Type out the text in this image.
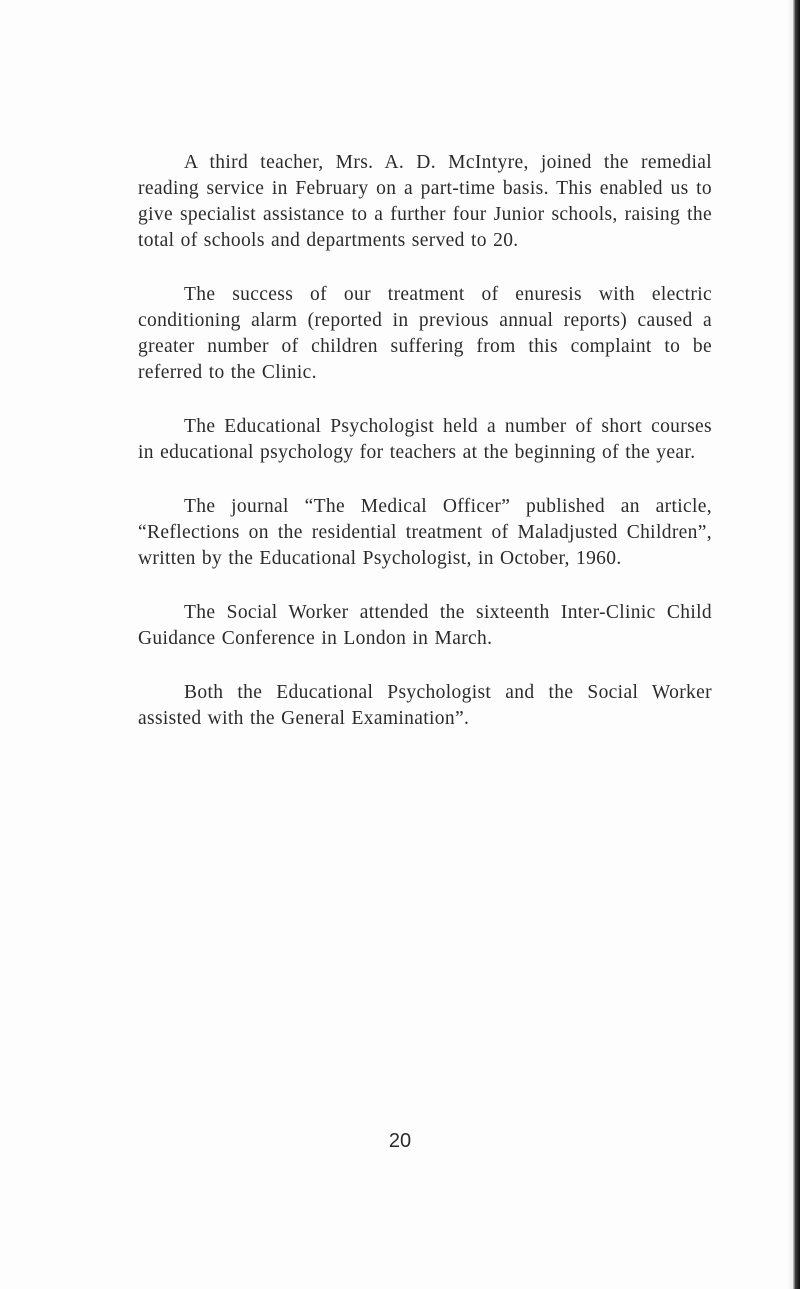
A third teacher, Mrs. A. D. McIntyre, joined the remedial reading service in February on a part-time basis. This enabled us to give specialist assistance to a further four Junior schools, raising the total of schools and departments served to 20.

The success of our treatment of enuresis with electric conditioning alarm (reported in previous annual reports) caused a greater number of children suffering from this complaint to be referred to the Clinic.

The Educational Psychologist held a number of short courses in educational psychology for teachers at the beginning of the year.

The journal “The Medical Officer” published an article, “Reflections on the residential treatment of Maladjusted Children”, written by the Educational Psychologist, in October, 1960.

The Social Worker attended the sixteenth Inter-Clinic Child Guidance Conference in London in March.

Both the Educational Psychologist and the Social Worker assisted with the General Examination”.

20
